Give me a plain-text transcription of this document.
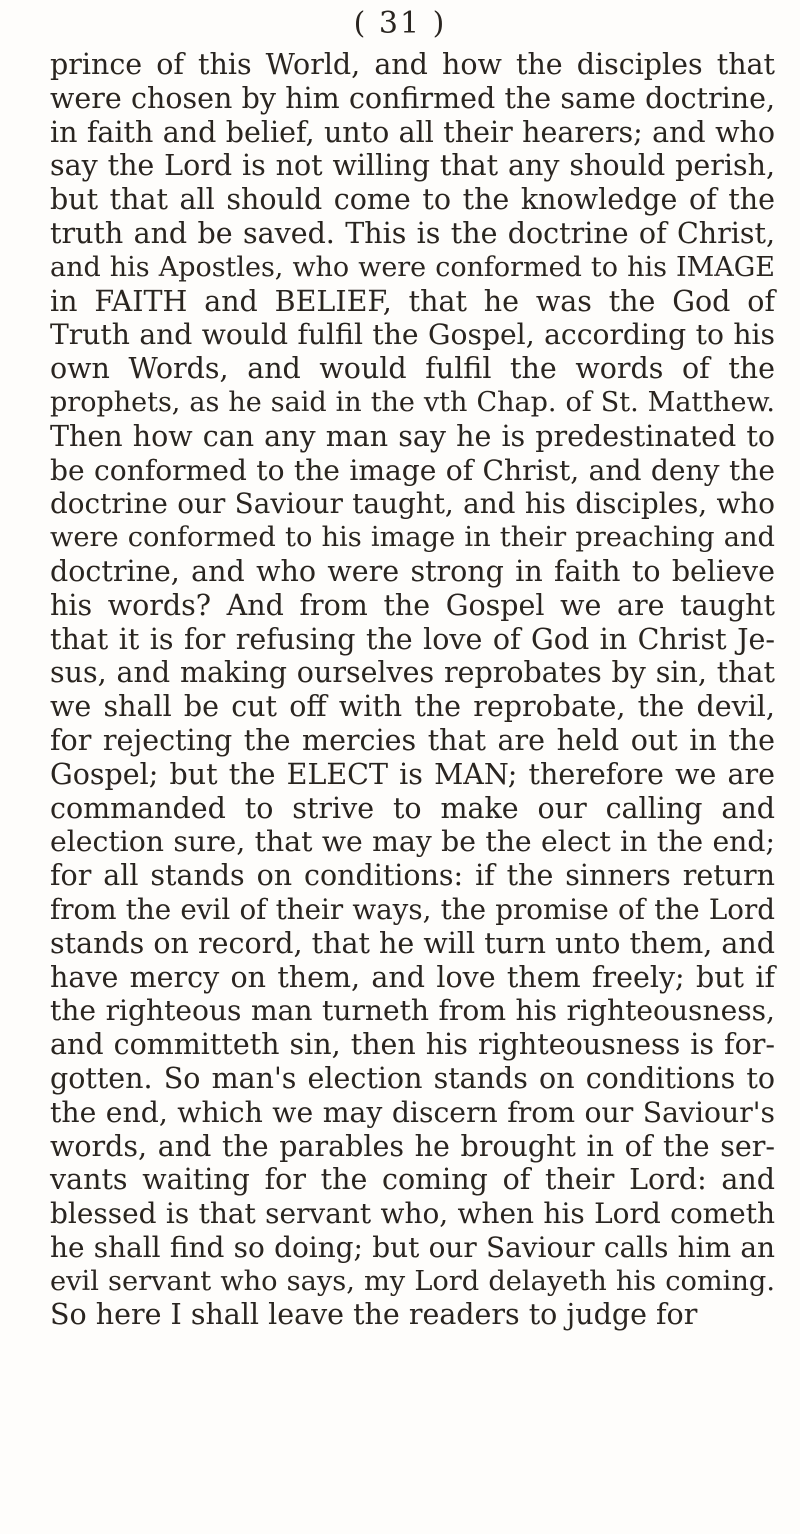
( 31 )
prince of this World, and how the disciples that
were chosen by him confirmed the same doctrine,
in faith and belief, unto all their hearers; and who
say the Lord is not willing that any should perish,
but that all should come to the knowledge of the
truth and be saved. This is the doctrine of Christ,
and his Apostles, who were conformed to his IMAGE
in FAITH and BELIEF, that he was the God of
Truth and would fulfil the Gospel, according to his
own Words, and would fulfil the words of the
prophets, as he said in the vth Chap. of St. Matthew.
Then how can any man say he is predestinated to
be conformed to the image of Christ, and deny the
doctrine our Saviour taught, and his disciples, who
were conformed to his image in their preaching and
doctrine, and who were strong in faith to believe
his words? And from the Gospel we are taught
that it is for refusing the love of God in Christ Je-
sus, and making ourselves reprobates by sin, that
we shall be cut off with the reprobate, the devil,
for rejecting the mercies that are held out in the
Gospel; but the ELECT is MAN; therefore we are
commanded to strive to make our calling and
election sure, that we may be the elect in the end;
for all stands on conditions: if the sinners return
from the evil of their ways, the promise of the Lord
stands on record, that he will turn unto them, and
have mercy on them, and love them freely; but if
the righteous man turneth from his righteousness,
and committeth sin, then his righteousness is for-
gotten. So man's election stands on conditions to
the end, which we may discern from our Saviour's
words, and the parables he brought in of the ser-
vants waiting for the coming of their Lord: and
blessed is that servant who, when his Lord cometh
he shall find so doing; but our Saviour calls him an
evil servant who says, my Lord delayeth his coming.
So here I shall leave the readers to judge for
